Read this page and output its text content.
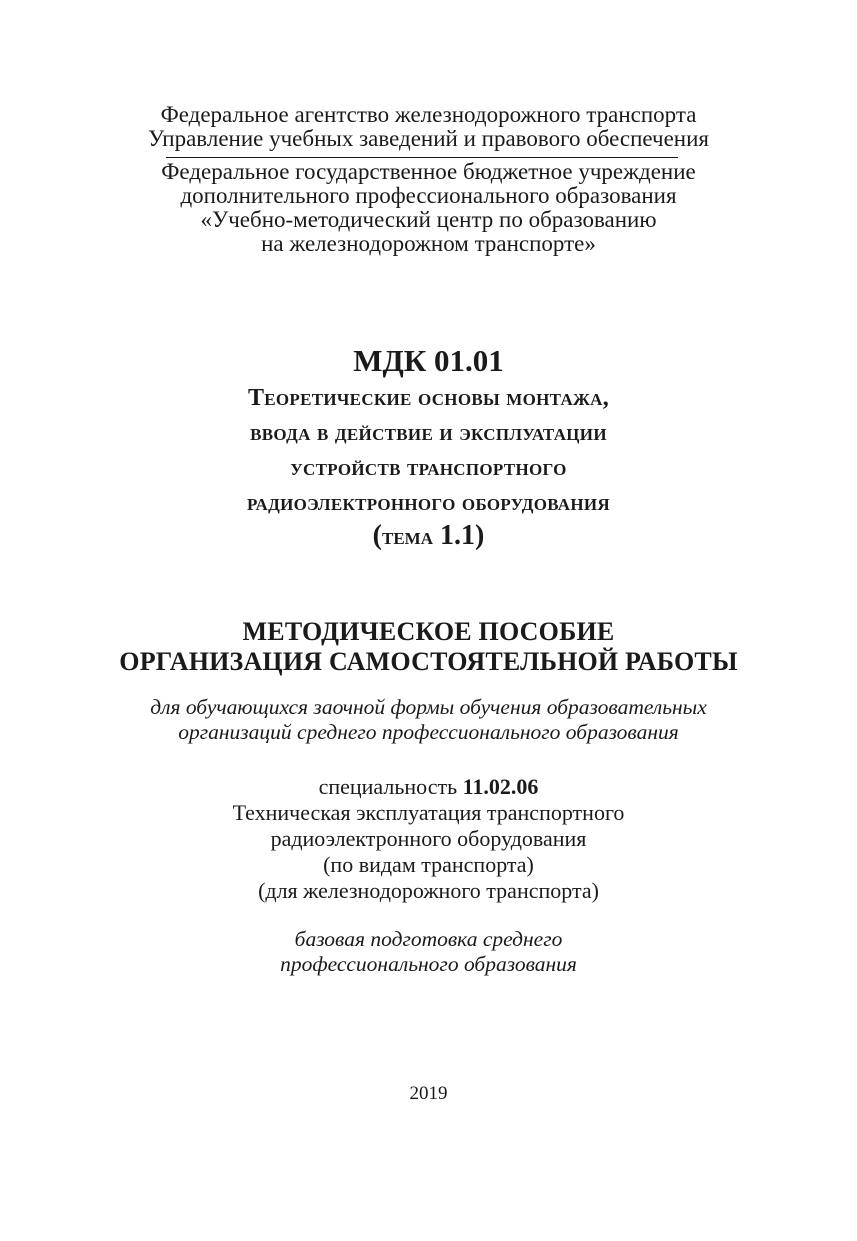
Федеральное агентство железнодорожного транспорта
Управление учебных заведений и правового обеспечения
Федеральное государственное бюджетное учреждение
дополнительного профессионального образования
«Учебно-методический центр по образованию
на железнодорожном транспорте»
МДК 01.01
Теоретические основы монтажа,
ввода в действие и эксплуатации
устройств транспортного
радиоэлектронного оборудования
(тема 1.1)
МЕТОДИЧЕСКОЕ ПОСОБИЕ
ОРГАНИЗАЦИЯ САМОСТОЯТЕЛЬНОЙ РАБОТЫ
для обучающихся заочной формы обучения образовательных
организаций среднего профессионального образования
специальность 11.02.06
Техническая эксплуатация транспортного
радиоэлектронного оборудования
(по видам транспорта)
(для железнодорожного транспорта)
базовая подготовка среднего
профессионального образования
2019
